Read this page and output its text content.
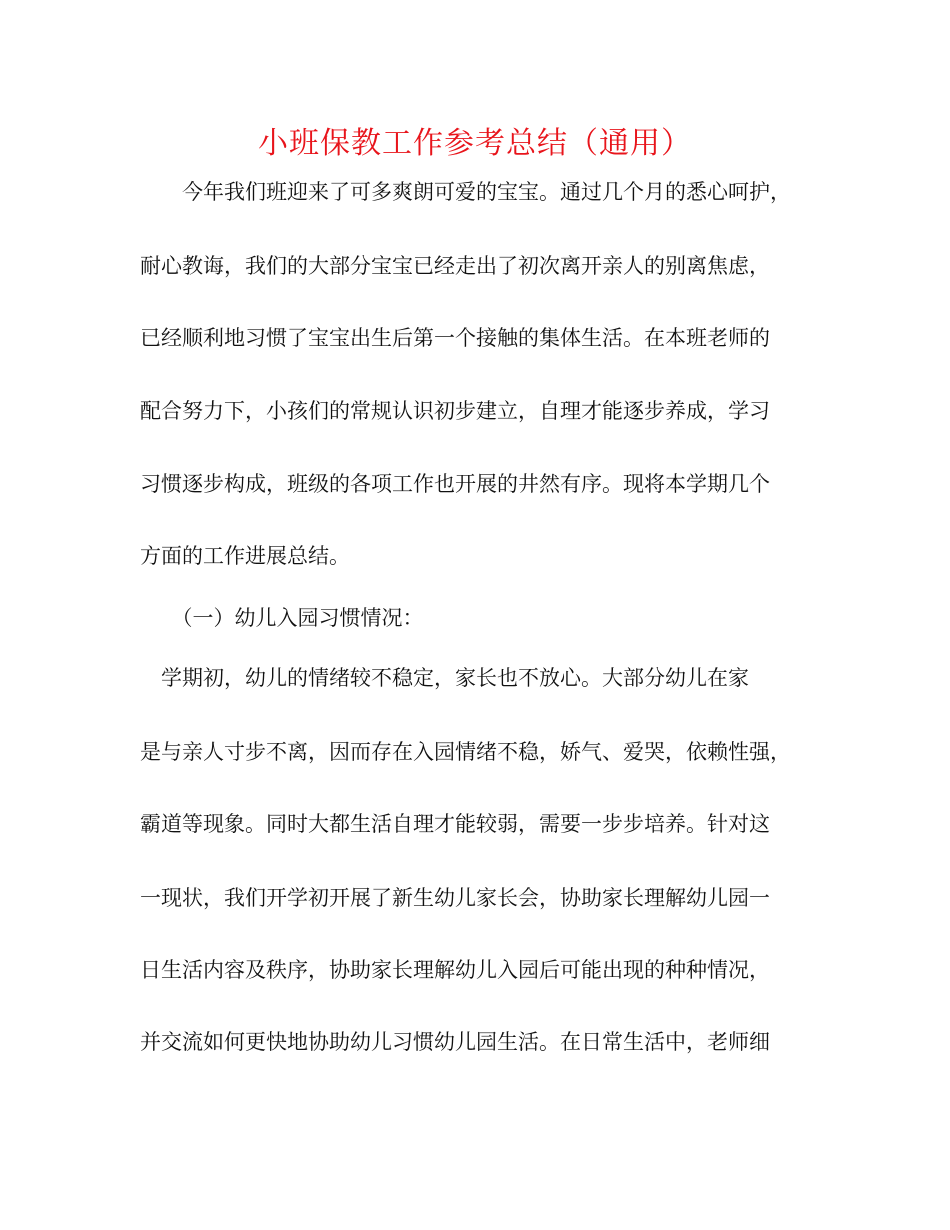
小班保教工作参考总结（通用）
　　今年我们班迎来了可多爽朗可爱的宝宝。通过几个月的悉心呵护，
耐心教诲，我们的大部分宝宝已经走出了初次离开亲人的别离焦虑，
已经顺利地习惯了宝宝出生后第一个接触的集体生活。在本班老师的
配合努力下，小孩们的常规认识初步建立，自理才能逐步养成，学习
习惯逐步构成，班级的各项工作也开展的井然有序。现将本学期几个
方面的工作进展总结。
　　（一）幼儿入园习惯情况：
　学期初，幼儿的情绪较不稳定，家长也不放心。大部分幼儿在家
是与亲人寸步不离，因而存在入园情绪不稳，娇气、爱哭，依赖性强，
霸道等现象。同时大都生活自理才能较弱，需要一步步培养。针对这
一现状，我们开学初开展了新生幼儿家长会，协助家长理解幼儿园一
日生活内容及秩序，协助家长理解幼儿入园后可能出现的种种情况，
并交流如何更快地协助幼儿习惯幼儿园生活。在日常生活中，老师细
